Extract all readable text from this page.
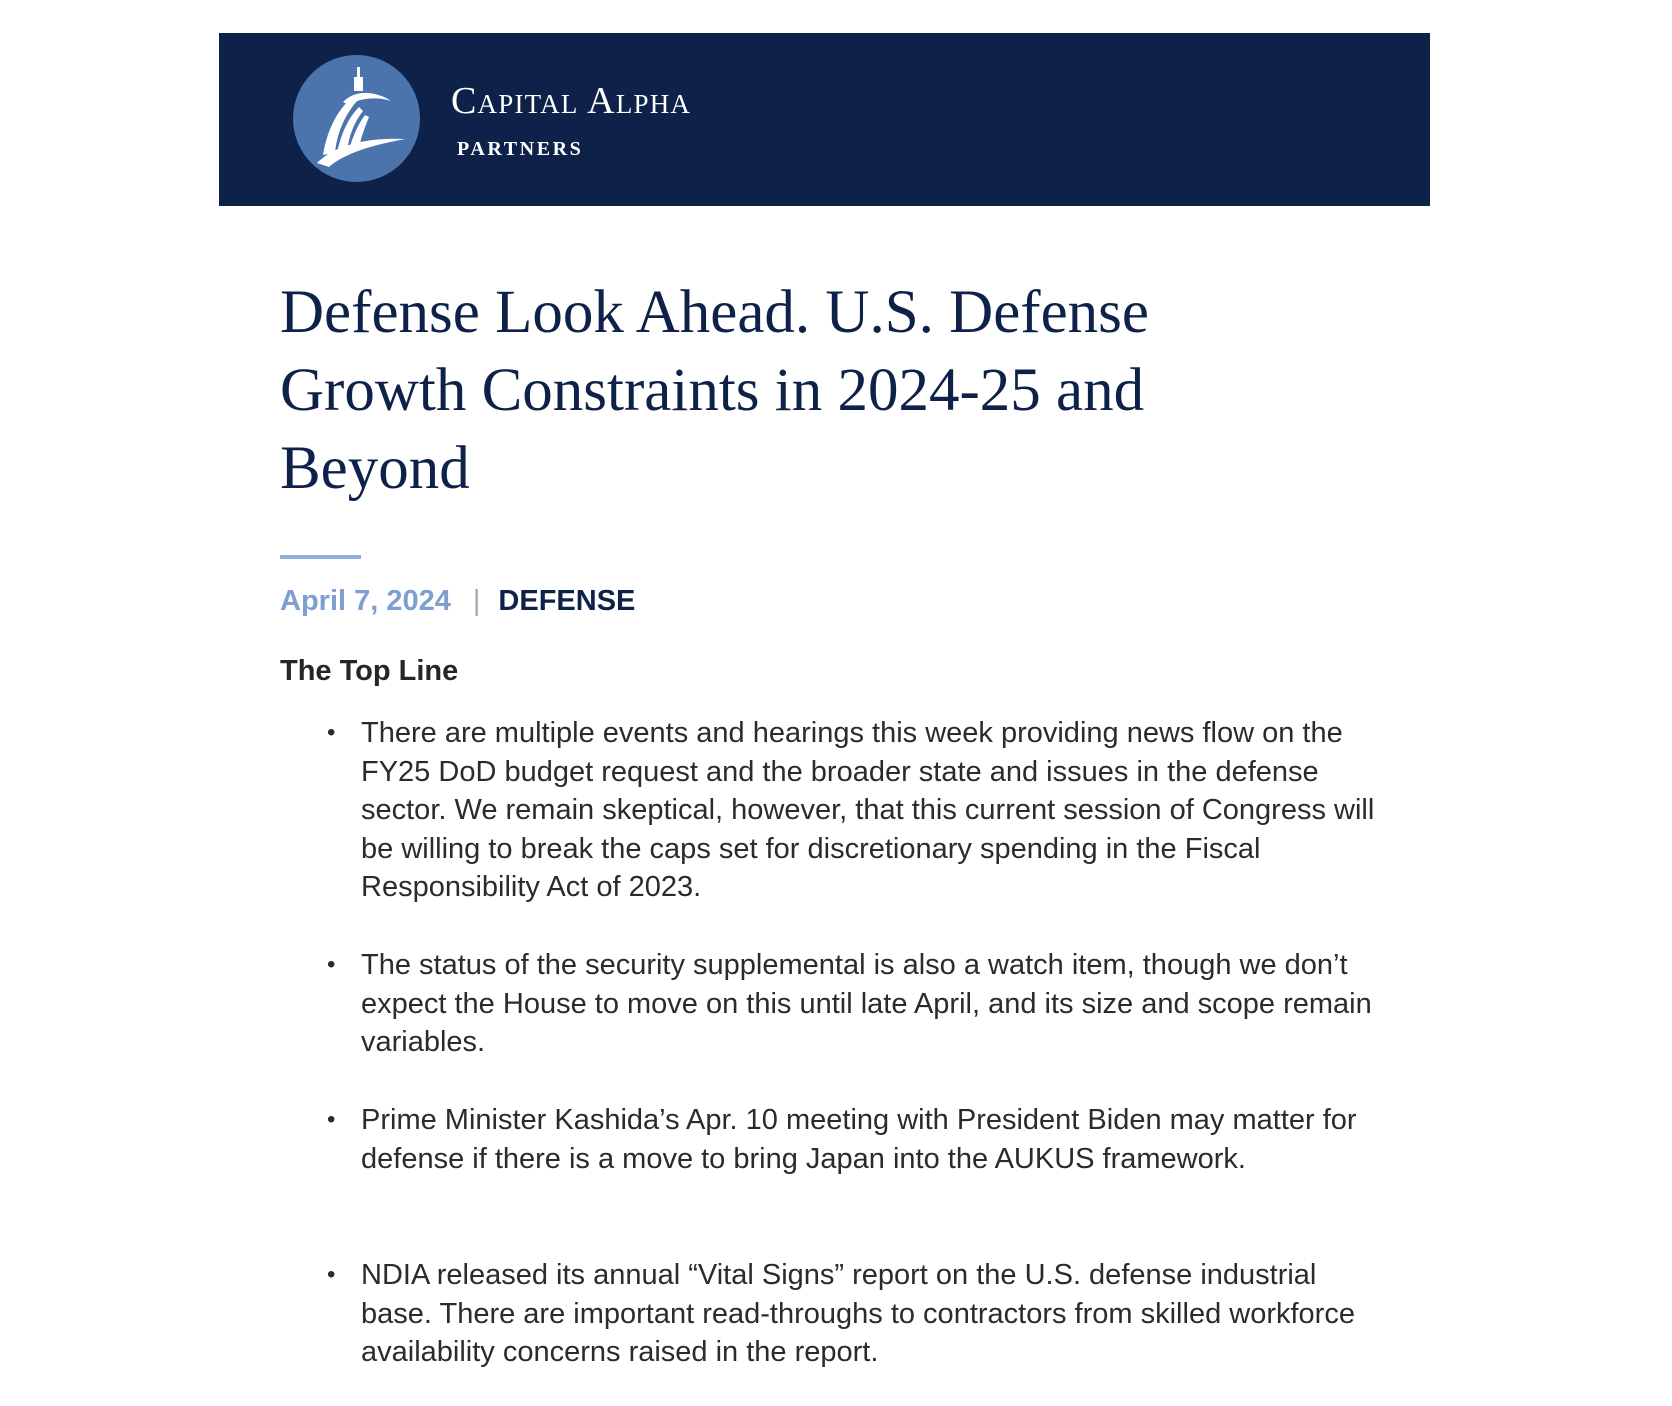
Capital Alpha
PARTNERS
Defense Look Ahead. U.S. Defense Growth Constraints in 2024-25 and Beyond
April 7, 2024 | DEFENSE
The Top Line
• There are multiple events and hearings this week providing news flow on the FY25 DoD budget request and the broader state and issues in the defense sector. We remain skeptical, however, that this current session of Congress will be willing to break the caps set for discretionary spending in the Fiscal Responsibility Act of 2023.
• The status of the security supplemental is also a watch item, though we don’t expect the House to move on this until late April, and its size and scope remain variables.
• Prime Minister Kashida’s Apr. 10 meeting with President Biden may matter for defense if there is a move to bring Japan into the AUKUS framework.
• NDIA released its annual “Vital Signs” report on the U.S. defense industrial base. There are important read-throughs to contractors from skilled workforce availability concerns raised in the report.
